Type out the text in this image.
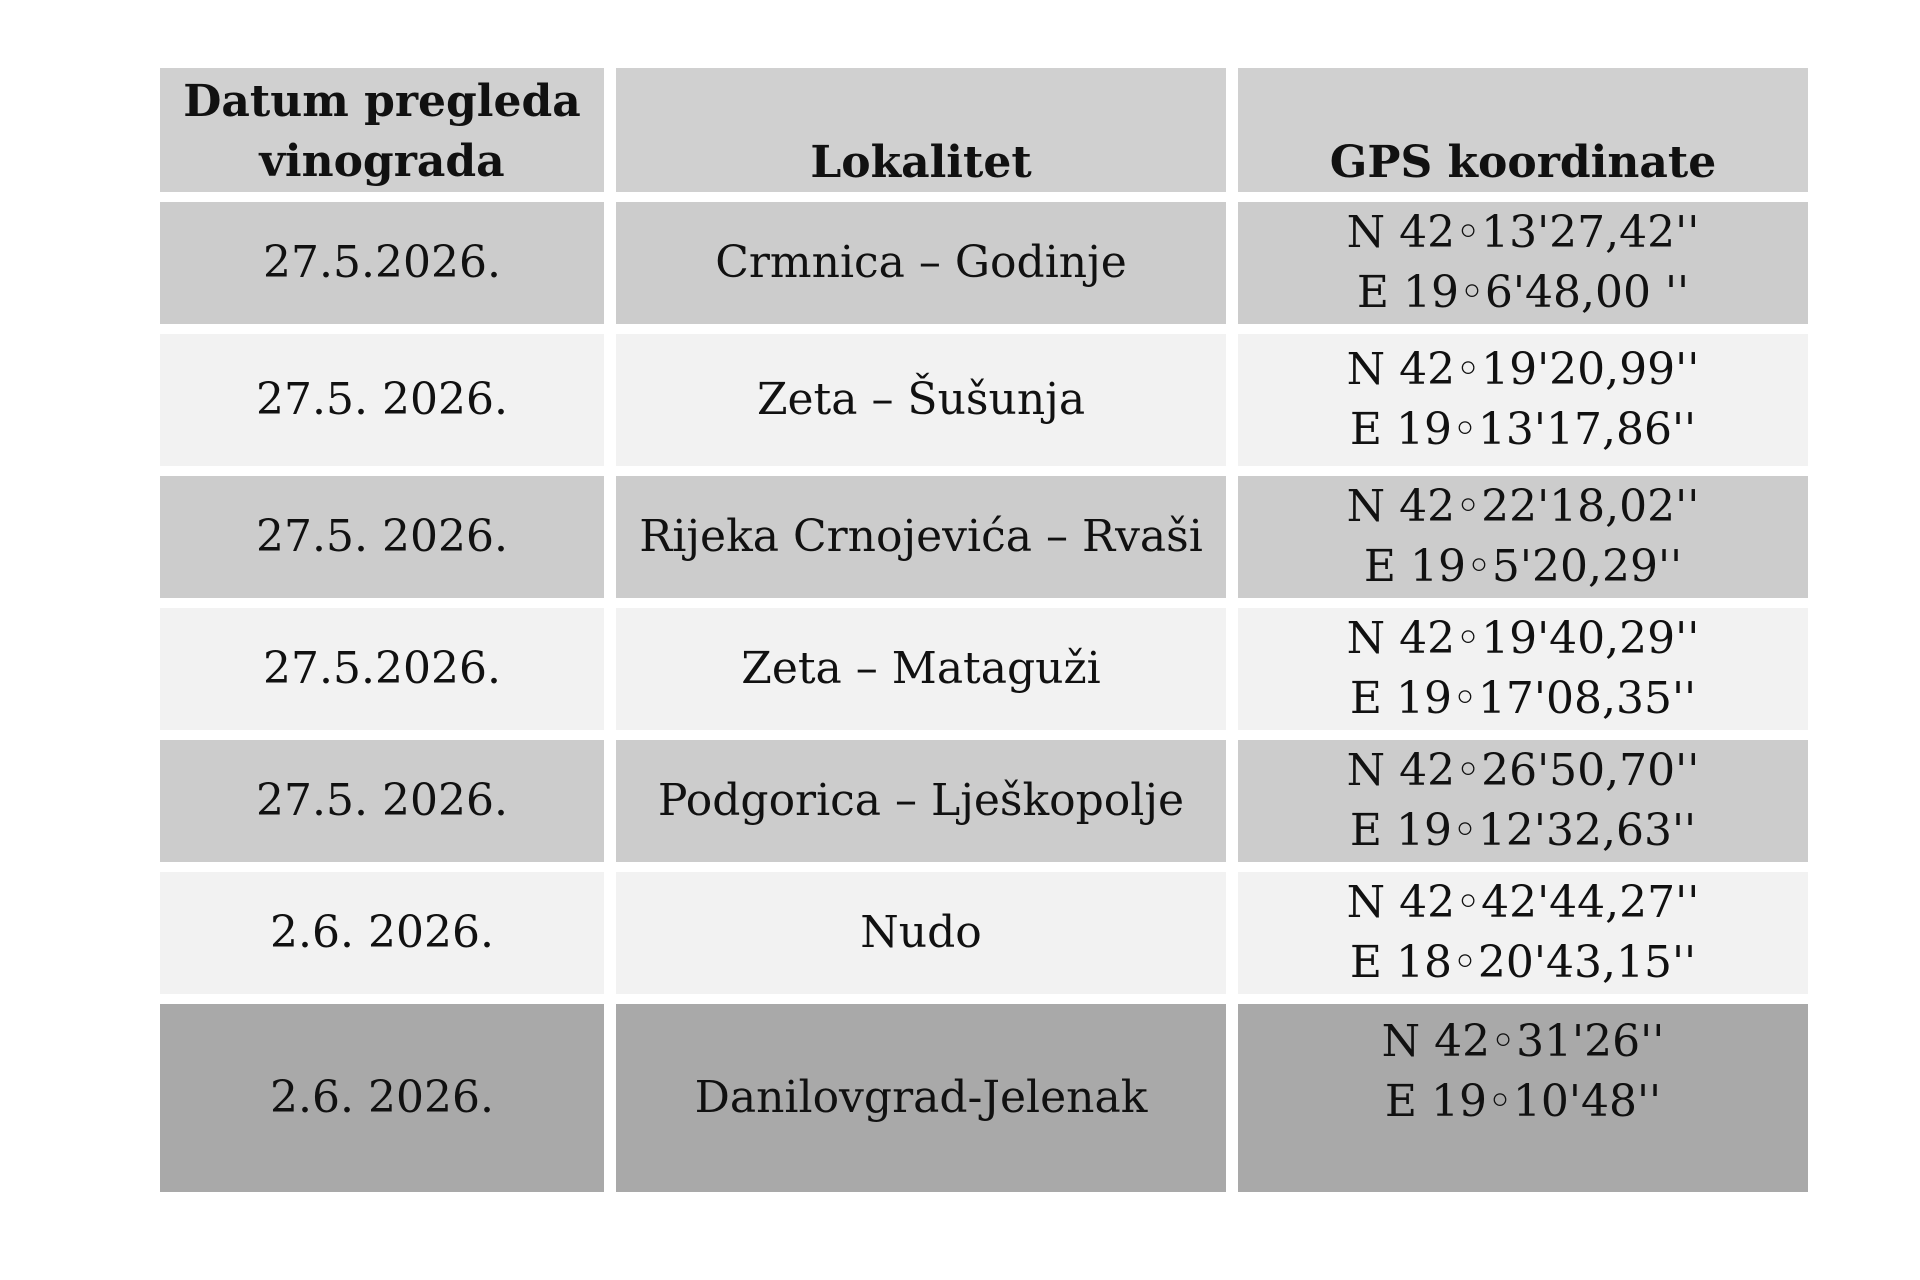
Datum pregleda
vinograda	Lokalitet	GPS koordinate
27.5.2026.	Crmnica – Godinje	N 42◦13'27,42''
E 19◦6'48,00 ''

27.5. 2026.	Zeta – Šušunja	N 42◦19'20,99''
E 19◦13'17,86''

27.5. 2026.	Rijeka Crnojevića – Rvaši	N 42◦22'18,02''
E 19◦5'20,29''

27.5.2026.	Zeta – Mataguži	N 42◦19'40,29''
E 19◦17'08,35''

27.5. 2026.	Podgorica – Lješkopolje	N 42◦26'50,70''
E 19◦12'32,63''

2.6. 2026.	Nudo	N 42◦42'44,27''
E 18◦20'43,15''

2.6. 2026.	Danilovgrad-Jelenak	N 42◦31'26''
E 19◦10'48''
